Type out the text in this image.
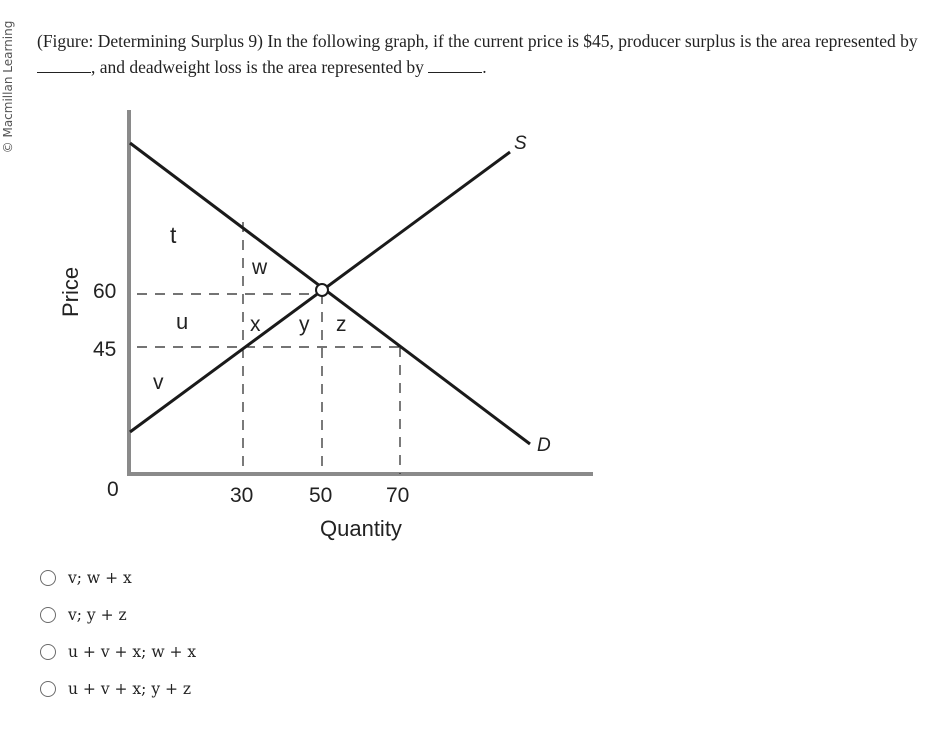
© Macmillan Learning (Figure: Determining Surplus 9) In the following graph, if the current price is $45, producer surplus is the area represented by , and deadweight loss is the area represented by	.
S
D
t
w
u	x y z
v
60
45
0	30	50	70
Price
Quantity
v; w + x
v; y + z
u + v + x; w + x
u + v + x; y + z
